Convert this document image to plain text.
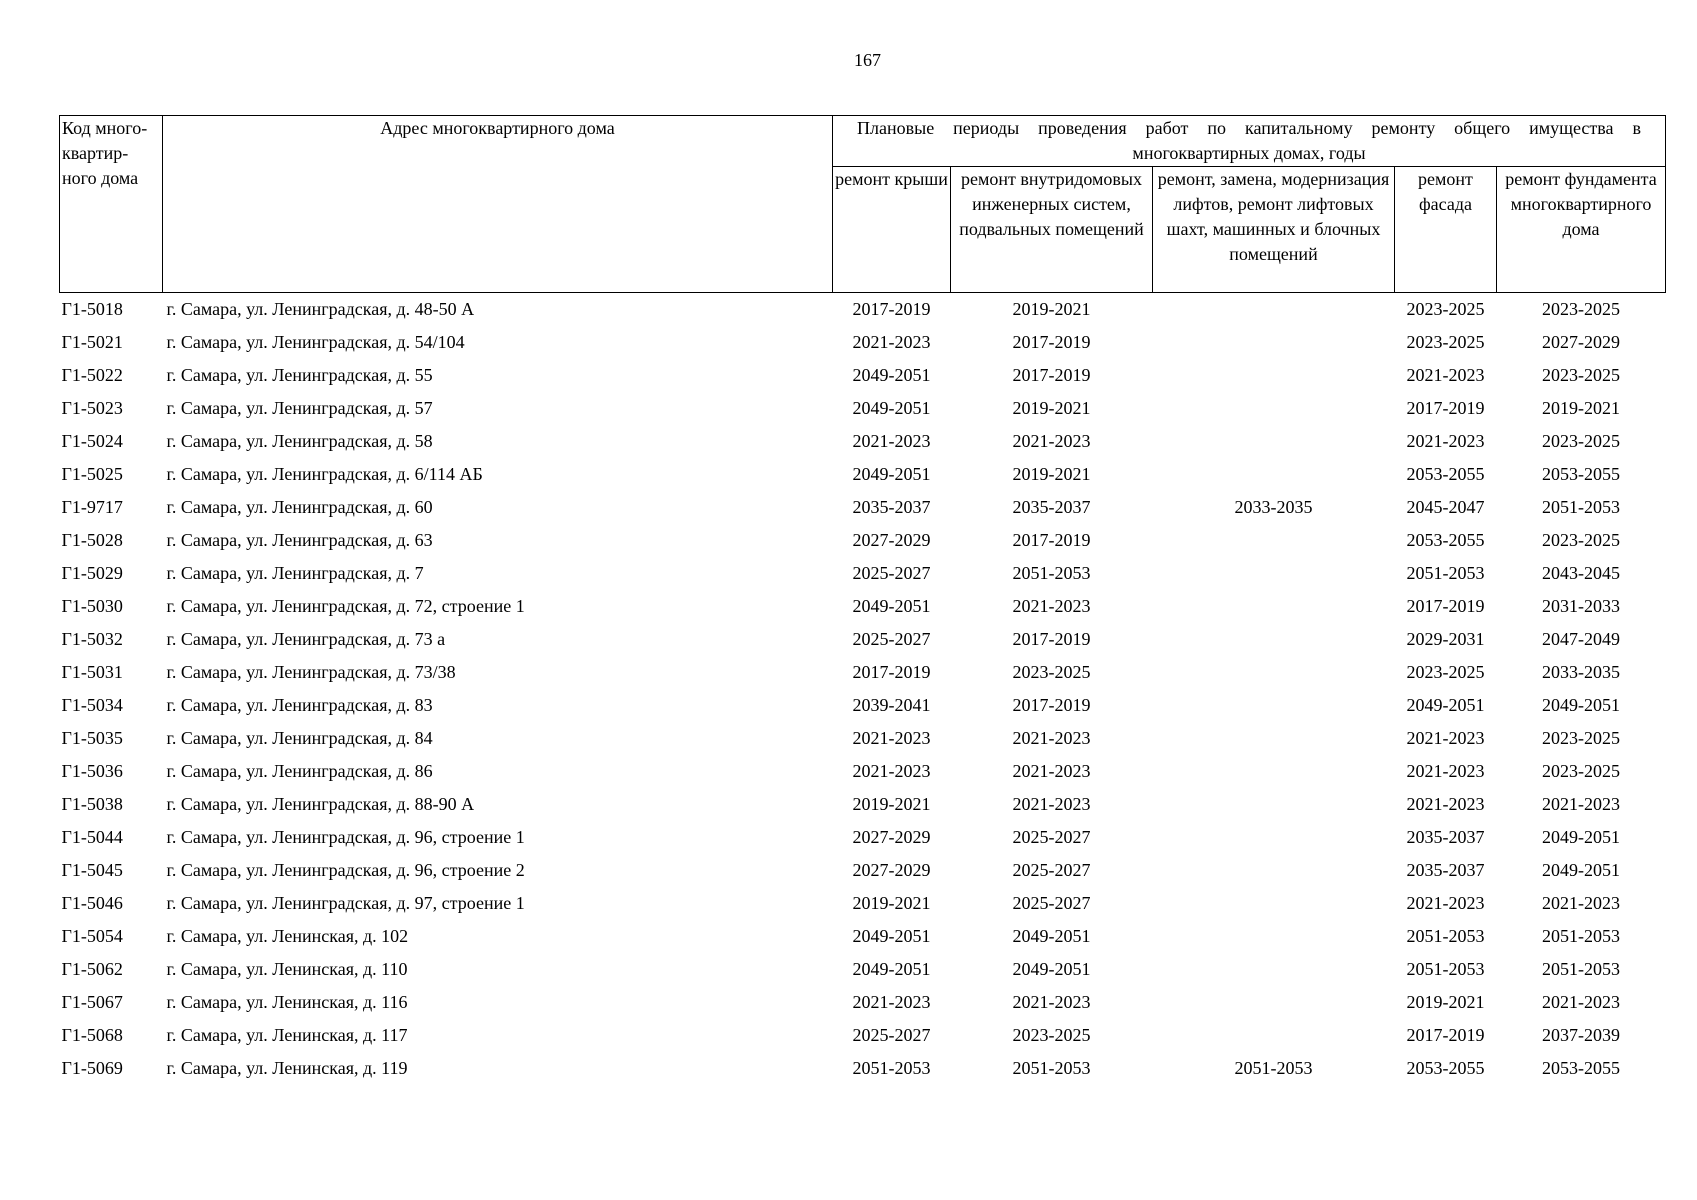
167
Код много-квартир-ного дома	Адрес многоквартирного дома	Плановые периоды проведения работ по капитальному ремонту общего имущества в многоквартирных домах, годы				
		ремонт крыши	ремонт внутридомовых инженерных систем, подвальных помещений	ремонт, замена, модернизация лифтов, ремонт лифтовых шахт, машинных и блочных помещений	ремонт фасада	ремонт фундамента многоквартирного дома
Г1-5018	г. Самара, ул. Ленинградская, д. 48-50 А	2017-2019	2019-2021		2023-2025	2023-2025
Г1-5021	г. Самара, ул. Ленинградская, д. 54/104	2021-2023	2017-2019		2023-2025	2027-2029
Г1-5022	г. Самара, ул. Ленинградская, д. 55	2049-2051	2017-2019		2021-2023	2023-2025
Г1-5023	г. Самара, ул. Ленинградская, д. 57	2049-2051	2019-2021		2017-2019	2019-2021
Г1-5024	г. Самара, ул. Ленинградская, д. 58	2021-2023	2021-2023		2021-2023	2023-2025
Г1-5025	г. Самара, ул. Ленинградская, д. 6/114 АБ	2049-2051	2019-2021		2053-2055	2053-2055
Г1-9717	г. Самара, ул. Ленинградская, д. 60	2035-2037	2035-2037	2033-2035	2045-2047	2051-2053
Г1-5028	г. Самара, ул. Ленинградская, д. 63	2027-2029	2017-2019		2053-2055	2023-2025
Г1-5029	г. Самара, ул. Ленинградская, д. 7	2025-2027	2051-2053		2051-2053	2043-2045
Г1-5030	г. Самара, ул. Ленинградская, д. 72, строение 1	2049-2051	2021-2023		2017-2019	2031-2033
Г1-5032	г. Самара, ул. Ленинградская, д. 73 а	2025-2027	2017-2019		2029-2031	2047-2049
Г1-5031	г. Самара, ул. Ленинградская, д. 73/38	2017-2019	2023-2025		2023-2025	2033-2035
Г1-5034	г. Самара, ул. Ленинградская, д. 83	2039-2041	2017-2019		2049-2051	2049-2051
Г1-5035	г. Самара, ул. Ленинградская, д. 84	2021-2023	2021-2023		2021-2023	2023-2025
Г1-5036	г. Самара, ул. Ленинградская, д. 86	2021-2023	2021-2023		2021-2023	2023-2025
Г1-5038	г. Самара, ул. Ленинградская, д. 88-90 А	2019-2021	2021-2023		2021-2023	2021-2023
Г1-5044	г. Самара, ул. Ленинградская, д. 96, строение 1	2027-2029	2025-2027		2035-2037	2049-2051
Г1-5045	г. Самара, ул. Ленинградская, д. 96, строение 2	2027-2029	2025-2027		2035-2037	2049-2051
Г1-5046	г. Самара, ул. Ленинградская, д. 97, строение 1	2019-2021	2025-2027		2021-2023	2021-2023
Г1-5054	г. Самара, ул. Ленинская, д. 102	2049-2051	2049-2051		2051-2053	2051-2053
Г1-5062	г. Самара, ул. Ленинская, д. 110	2049-2051	2049-2051		2051-2053	2051-2053
Г1-5067	г. Самара, ул. Ленинская, д. 116	2021-2023	2021-2023		2019-2021	2021-2023
Г1-5068	г. Самара, ул. Ленинская, д. 117	2025-2027	2023-2025		2017-2019	2037-2039
Г1-5069	г. Самара, ул. Ленинская, д. 119	2051-2053	2051-2053	2051-2053	2053-2055	2053-2055
